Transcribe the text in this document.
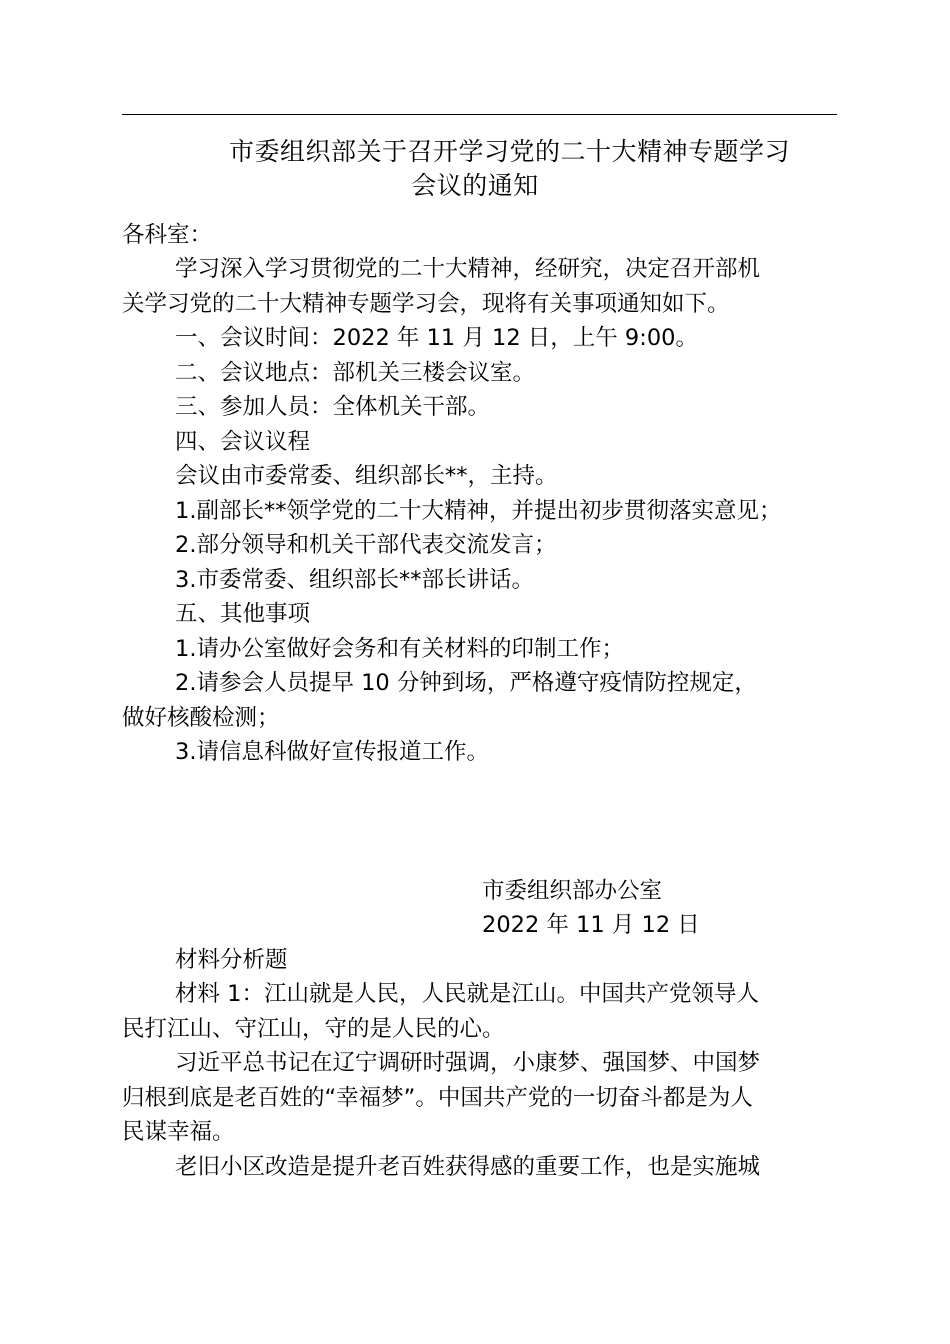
市委组织部关于召开学习党的二十大精神专题学习
会议的通知
各科室：
学习深入学习贯彻党的二十大精神，经研究，决定召开部机
关学习党的二十大精神专题学习会，现将有关事项通知如下。
一、会议时间：2022 年 11 月 12 日，上午 9:00。
二、会议地点：部机关三楼会议室。
三、参加人员：全体机关干部。
四、会议议程
会议由市委常委、组织部长**，主持。
1.副部长**领学党的二十大精神，并提出初步贯彻落实意见；
2.部分领导和机关干部代表交流发言；
3.市委常委、组织部长**部长讲话。
五、其他事项
1.请办公室做好会务和有关材料的印制工作；
2.请参会人员提早 10 分钟到场，严格遵守疫情防控规定，
做好核酸检测；
3.请信息科做好宣传报道工作。
市委组织部办公室
2022 年 11 月 12 日
材料分析题
材料 1：江山就是人民，人民就是江山。中国共产党领导人
民打江山、守江山，守的是人民的心。
习近平总书记在辽宁调研时强调，小康梦、强国梦、中国梦
归根到底是老百姓的“幸福梦”。中国共产党的一切奋斗都是为人
民谋幸福。
老旧小区改造是提升老百姓获得感的重要工作，也是实施城
